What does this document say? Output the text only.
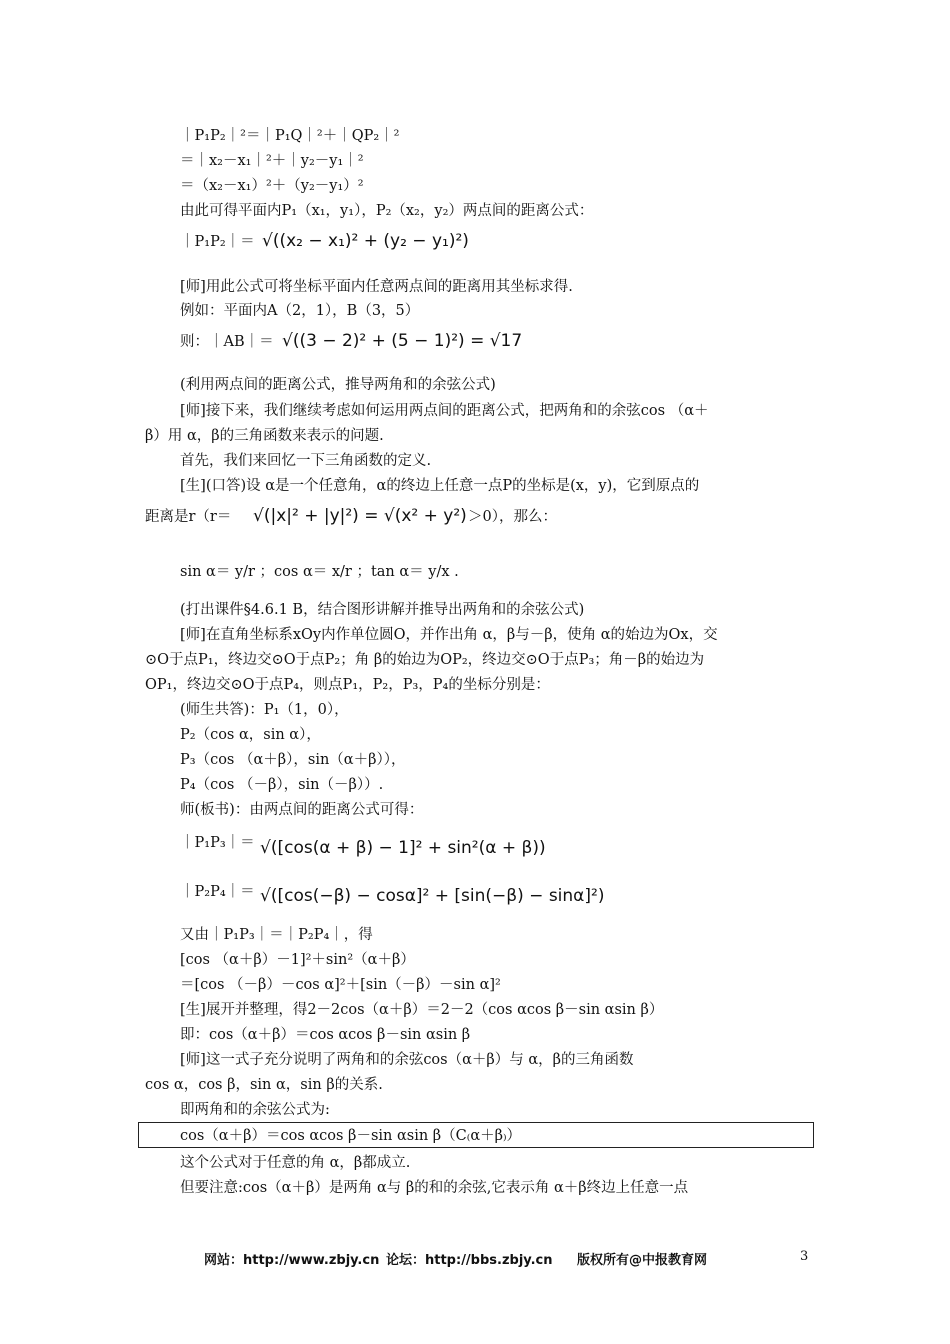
｜P₁P₂｜²＝｜P₁Q｜²＋｜QP₂｜²
＝｜x₂－x₁｜²＋｜y₂－y₁｜²
＝（x₂－x₁）²＋（y₂－y₁）²
由此可得平面内P₁（x₁，y₁），P₂（x₂，y₂）两点间的距离公式：
｜P₁P₂｜＝ √((x₂ − x₁)² + (y₂ − y₁)²)
[师]用此公式可将坐标平面内任意两点间的距离用其坐标求得.
例如：平面内A（2，1），B（3，5）
则：｜AB｜＝ √((3 − 2)² + (5 − 1)²) = √17
(利用两点间的距离公式，推导两角和的余弦公式)
[师]接下来，我们继续考虑如何运用两点间的距离公式，把两角和的余弦cos （α＋
β）用 α，β的三角函数来表示的问题.
首先，我们来回忆一下三角函数的定义.
[生](口答)设 α是一个任意角，α的终边上任意一点P的坐标是(x，y)，它到原点的
距离是r（r＝ √(|x|² + |y|²) = √(x² + y²) ＞0），那么：
sin α＝ y/r ；cos α＝ x/r ；tan α＝ y/x .
(打出课件§4.6.1 B，结合图形讲解并推导出两角和的余弦公式)
[师]在直角坐标系xOy内作单位圆O，并作出角 α，β与－β，使角 α的始边为Ox，交
⊙O于点P₁，终边交⊙O于点P₂；角 β的始边为OP₂，终边交⊙O于点P₃；角－β的始边为
OP₁，终边交⊙O于点P₄，则点P₁，P₂，P₃，P₄的坐标分别是：
(师生共答)：P₁（1，0），
P₂（cos α，sin α），
P₃（cos （α＋β），sin（α＋β）），
P₄（cos （－β），sin（－β））.
师(板书)：由两点间的距离公式可得：
｜P₁P₃｜＝ √([cos(α + β) − 1]² + sin²(α + β))
｜P₂P₄｜＝ √([cos(−β) − cosα]² + [sin(−β) − sinα]²)
又由｜P₁P₃｜＝｜P₂P₄｜，得
[cos （α＋β）－1]²＋sin²（α＋β）
＝[cos （－β）－cos α]²＋[sin（－β）－sin α]²
[生]展开并整理，得2－2cos（α＋β）＝2－2（cos αcos β－sin αsin β）
即：cos（α＋β）＝cos αcos β－sin αsin β
[师]这一式子充分说明了两角和的余弦cos（α＋β）与 α，β的三角函数
cos α，cos β，sin α，sin β的关系.
即两角和的余弦公式为:
cos（α＋β）＝cos αcos β－sin αsin β（C₍α＋β₎）
这个公式对于任意的角 α，β都成立.
但要注意:cos（α＋β）是两角 α与 β的和的余弦,它表示角 α＋β终边上任意一点
网站：http://www.zbjy.cn 论坛：http://bbs.zbjy.cn 版权所有@中报教育网	3
